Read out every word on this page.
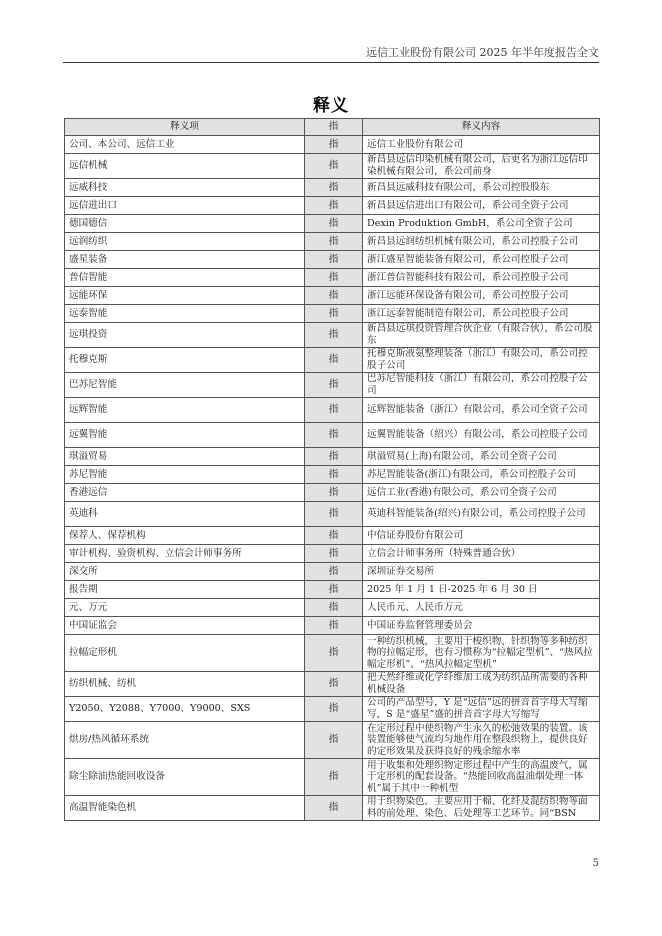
远信工业股份有限公司 2025 年半年度报告全文
释义
释义项	指	释义内容
公司、本公司、远信工业	指	远信工业股份有限公司
远信机械	指	新昌县远信印染机械有限公司，后更名为浙江远信印染机械有限公司，系公司前身
远威科技	指	新昌县远威科技有限公司，系公司控股股东
远信进出口	指	新昌县远信进出口有限公司，系公司全资子公司
德国德信	指	Dexin Produktion GmbH，系公司全资子公司
远润纺织	指	新昌县远润纺织机械有限公司，系公司控股子公司
盛星装备	指	浙江盛星智能装备有限公司，系公司控股子公司
普信智能	指	浙江普信智能科技有限公司，系公司控股子公司
远能环保	指	浙江远能环保设备有限公司，系公司控股子公司
远泰智能	指	浙江远泰智能制造有限公司，系公司控股子公司
远琪投资	指	新昌县远琪投资管理合伙企业（有限合伙），系公司股东
托穆克斯	指	托穆克斯液氨整理装备（浙江）有限公司，系公司控股子公司
巴苏尼智能	指	巴苏尼智能科技（浙江）有限公司，系公司控股子公司
远辉智能	指	远辉智能装备（浙江）有限公司，系公司全资子公司
远翼智能	指	远翼智能装备（绍兴）有限公司，系公司控股子公司
琪溢贸易	指	琪溢贸易(上海)有限公司，系公司全资子公司
苏尼智能	指	苏尼智能装备(浙江)有限公司，系公司控股子公司
香港远信	指	远信工业(香港)有限公司，系公司全资子公司
英迪科	指	英迪科智能装备(绍兴)有限公司，系公司控股子公司
保荐人、保荐机构	指	中信证券股份有限公司
审计机构、验资机构、立信会计师事务所	指	立信会计师事务所（特殊普通合伙）
深交所	指	深圳证券交易所
报告期	指	2025 年 1 月 1 日-2025 年 6 月 30 日
元、万元	指	人民币元、人民币万元
中国证监会	指	中国证券监督管理委员会
拉幅定形机	指	一种纺织机械，主要用于梭织物、针织物等多种纺织物的拉幅定形，也有习惯称为“拉幅定型机”、“热风拉幅定形机”、“热风拉幅定型机”
纺织机械、纺机	指	把天然纤维或化学纤维加工成为纺织品所需要的各种机械设备
Y2050、Y2088、Y7000、Y9000、SXS	指	公司的产品型号，Y 是“远信”远的拼音首字母大写缩写，S 是“盛星”盛的拼音首字母大写缩写
烘房/热风循环系统	指	在定形过程中使织物产生永久的松弛效果的装置。该装置能够使气流均匀地作用在整段织物上，提供良好的定形效果及获得良好的残余缩水率
除尘除油热能回收设备	指	用于收集和处理织物定形过程中产生的高温废气，属于定形机的配套设备。“热能回收高温油烟处理一体机”属于其中一种机型
高温智能染色机	指	用于织物染色，主要应用于棉、化纤及混纺织物等面料的前处理、染色、后处理等工艺环节。同“BSN
5
